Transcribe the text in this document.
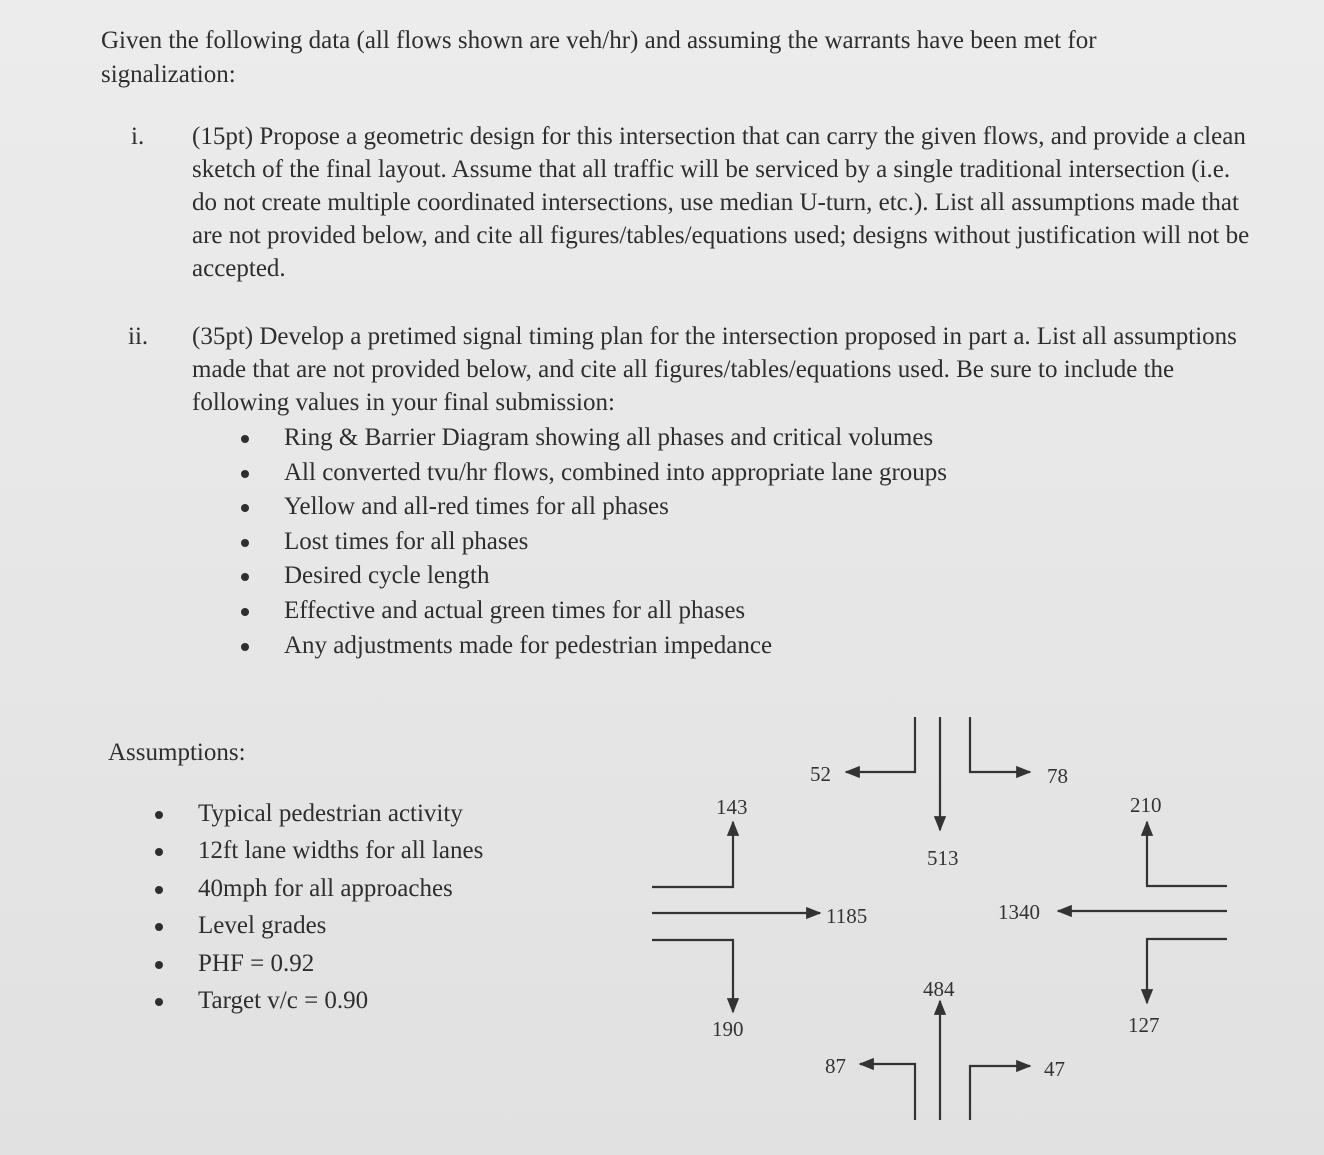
Given the following data (all flows shown are veh/hr) and assuming the warrants have been met for signalization:
i. (15pt) Propose a geometric design for this intersection that can carry the given flows, and provide a clean sketch of the final layout. Assume that all traffic will be serviced by a single traditional intersection (i.e. do not create multiple coordinated intersections, use median U-turn, etc.). List all assumptions made that are not provided below, and cite all figures/tables/equations used; designs without justification will not be accepted.
ii. (35pt) Develop a pretimed signal timing plan for the intersection proposed in part a. List all assumptions made that are not provided below, and cite all figures/tables/equations used. Be sure to include the following values in your final submission:
Ring & Barrier Diagram showing all phases and critical volumes
All converted tvu/hr flows, combined into appropriate lane groups
Yellow and all-red times for all phases
Lost times for all phases
Desired cycle length
Effective and actual green times for all phases
Any adjustments made for pedestrian impedance
Assumptions:
Typical pedestrian activity
12ft lane widths for all lanes
40mph for all approaches
Level grades
PHF = 0.92
Target v/c = 0.90
52	78
513
143
1185
190
210
1340
127
484
87	47
